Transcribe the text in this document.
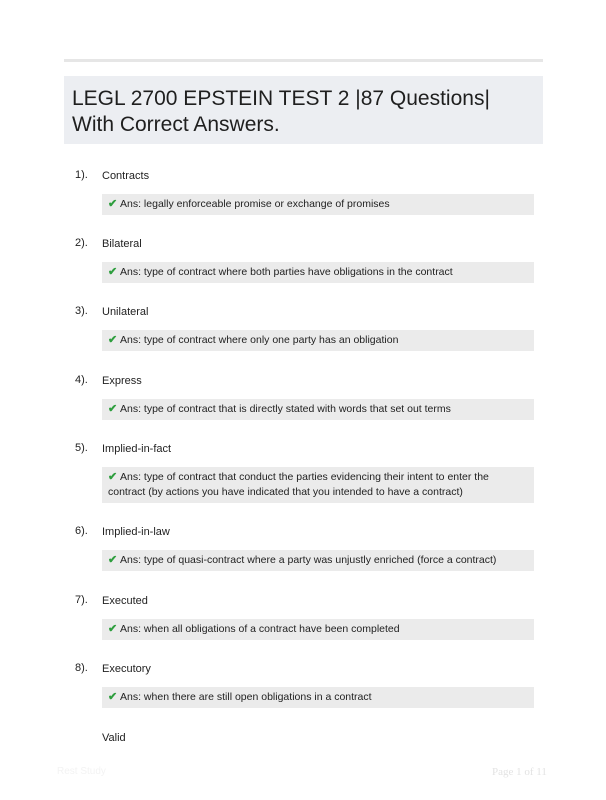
LEGL 2700 EPSTEIN TEST 2 |87 Questions| With Correct Answers.
1). Contracts
✔ Ans: legally enforceable promise or exchange of promises
2). Bilateral
✔ Ans: type of contract where both parties have obligations in the contract
3). Unilateral
✔ Ans: type of contract where only one party has an obligation
4). Express
✔ Ans: type of contract that is directly stated with words that set out terms
5). Implied-in-fact
✔ Ans: type of contract that conduct the parties evidencing their intent to enter the contract (by actions you have indicated that you intended to have a contract)
6). Implied-in-law
✔ Ans: type of quasi-contract where a party was unjustly enriched (force a contract)
7). Executed
✔ Ans: when all obligations of a contract have been completed
8). Executory
✔ Ans: when there are still open obligations in a contract
Valid
Rest Study	Page 1 of 11
